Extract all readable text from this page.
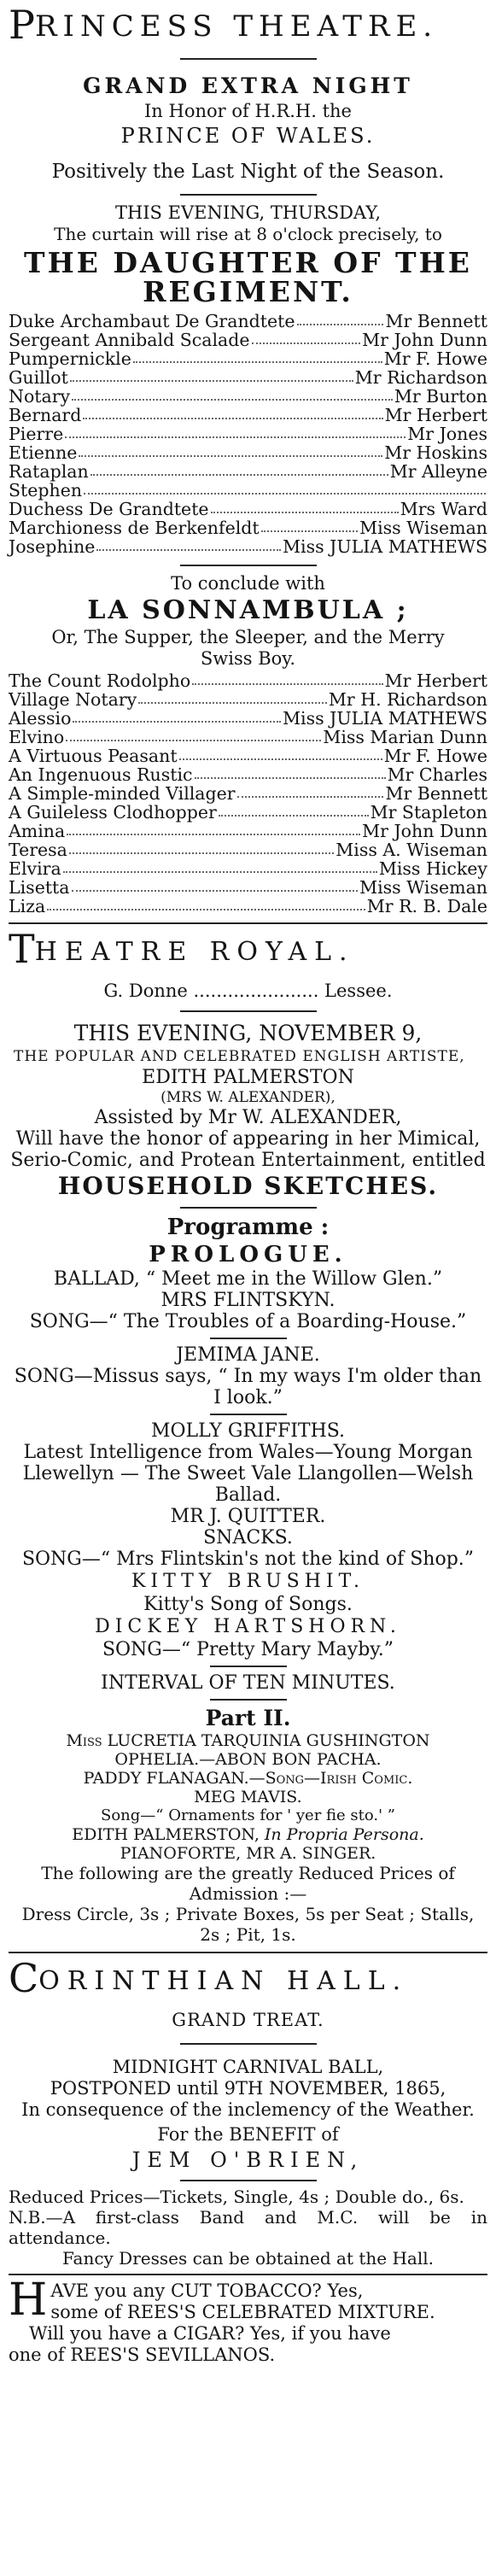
PRINCESS THEATRE.
GRAND EXTRA NIGHT
In Honor of H.R.H. the
PRINCE OF WALES.
Positively the Last Night of the Season.
THIS EVENING, THURSDAY,
The curtain will rise at 8 o'clock precisely, to
THE DAUGHTER OF THE
REGIMENT.
Duke Archambaut De Grandtete	Mr Bennett
Sergeant Annibald Scalade	Mr John Dunn
Pumpernickle	Mr F. Howe
Guillot	Mr Richardson
Notary	Mr Burton
Bernard	Mr Herbert
Pierre	Mr Jones
Etienne	Mr Hoskins
Rataplan	Mr Alleyne
Stephen
Duchess De Grandtete	Mrs Ward
Marchioness de Berkenfeldt	Miss Wiseman
Josephine	Miss JULIA MATHEWS
To conclude with
LA SONNAMBULA ;
Or, The Supper, the Sleeper, and the Merry Swiss Boy.
The Count Rodolpho	Mr Herbert
Village Notary	Mr H. Richardson
Alessio	Miss JULIA MATHEWS
Elvino	Miss Marian Dunn
A Virtuous Peasant	Mr F. Howe
An Ingenuous Rustic	Mr Charles
A Simple-minded Villager	Mr Bennett
A Guileless Clodhopper	Mr Stapleton
Amina	Mr John Dunn
Teresa	Miss A. Wiseman
Elvira	Miss Hickey
Lisetta	Miss Wiseman
Liza	Mr R. B. Dale
THEATRE ROYAL.
G. Donne ...................... Lessee.
THIS EVENING, NOVEMBER 9,
THE POPULAR AND CELEBRATED ENGLISH ARTISTE,
EDITH PALMERSTON
(MRS W. ALEXANDER),
Assisted by Mr W. ALEXANDER,
Will have the honor of appearing in her Mimical, Serio-Comic, and Protean Entertainment, entitled
HOUSEHOLD SKETCHES.
Programme :
PROLOGUE.
BALLAD, “ Meet me in the Willow Glen.”
MRS FLINTSKYN.
SONG—“ The Troubles of a Boarding-House.”
JEMIMA JANE.
SONG—Missus says, “ In my ways I'm older than I look.”
MOLLY GRIFFITHS.
Latest Intelligence from Wales—Young Morgan Llewellyn — The Sweet Vale Llangollen—Welsh Ballad.
MR J. QUITTER.
SNACKS.
SONG—“ Mrs Flintskin's not the kind of Shop.”
KITTY BRUSHIT.
Kitty's Song of Songs.
DICKEY HARTSHORN.
SONG—“ Pretty Mary Mayby.”
INTERVAL OF TEN MINUTES.
Part II.
Miss LUCRETIA TARQUINIA GUSHINGTON
OPHELIA.—ABON BON PACHA.
PADDY FLANAGAN.—Song—Irish Comic.
MEG MAVIS.
Song—“ Ornaments for ' yer fie sto.' ”
EDITH PALMERSTON, In Propria Persona.
PIANOFORTE, MR A. SINGER.
The following are the greatly Reduced Prices of Admission :—
Dress Circle, 3s ; Private Boxes, 5s per Seat ; Stalls, 2s ; Pit, 1s.
CORINTHIAN HALL.
GRAND TREAT.
MIDNIGHT CARNIVAL BALL,
POSTPONED until 9TH NOVEMBER, 1865,
In consequence of the inclemency of the Weather.
For the BENEFIT of
JEM O'BRIEN,
Reduced Prices—Tickets, Single, 4s ; Double do., 6s.
N.B.—A first-class Band and M.C. will be in attendance.
Fancy Dresses can be obtained at the Hall.
H AVE you any CUT TOBACCO? Yes,
some of REES'S CELEBRATED MIXTURE.
Will you have a CIGAR? Yes, if you have
one of REES'S SEVILLANOS.
